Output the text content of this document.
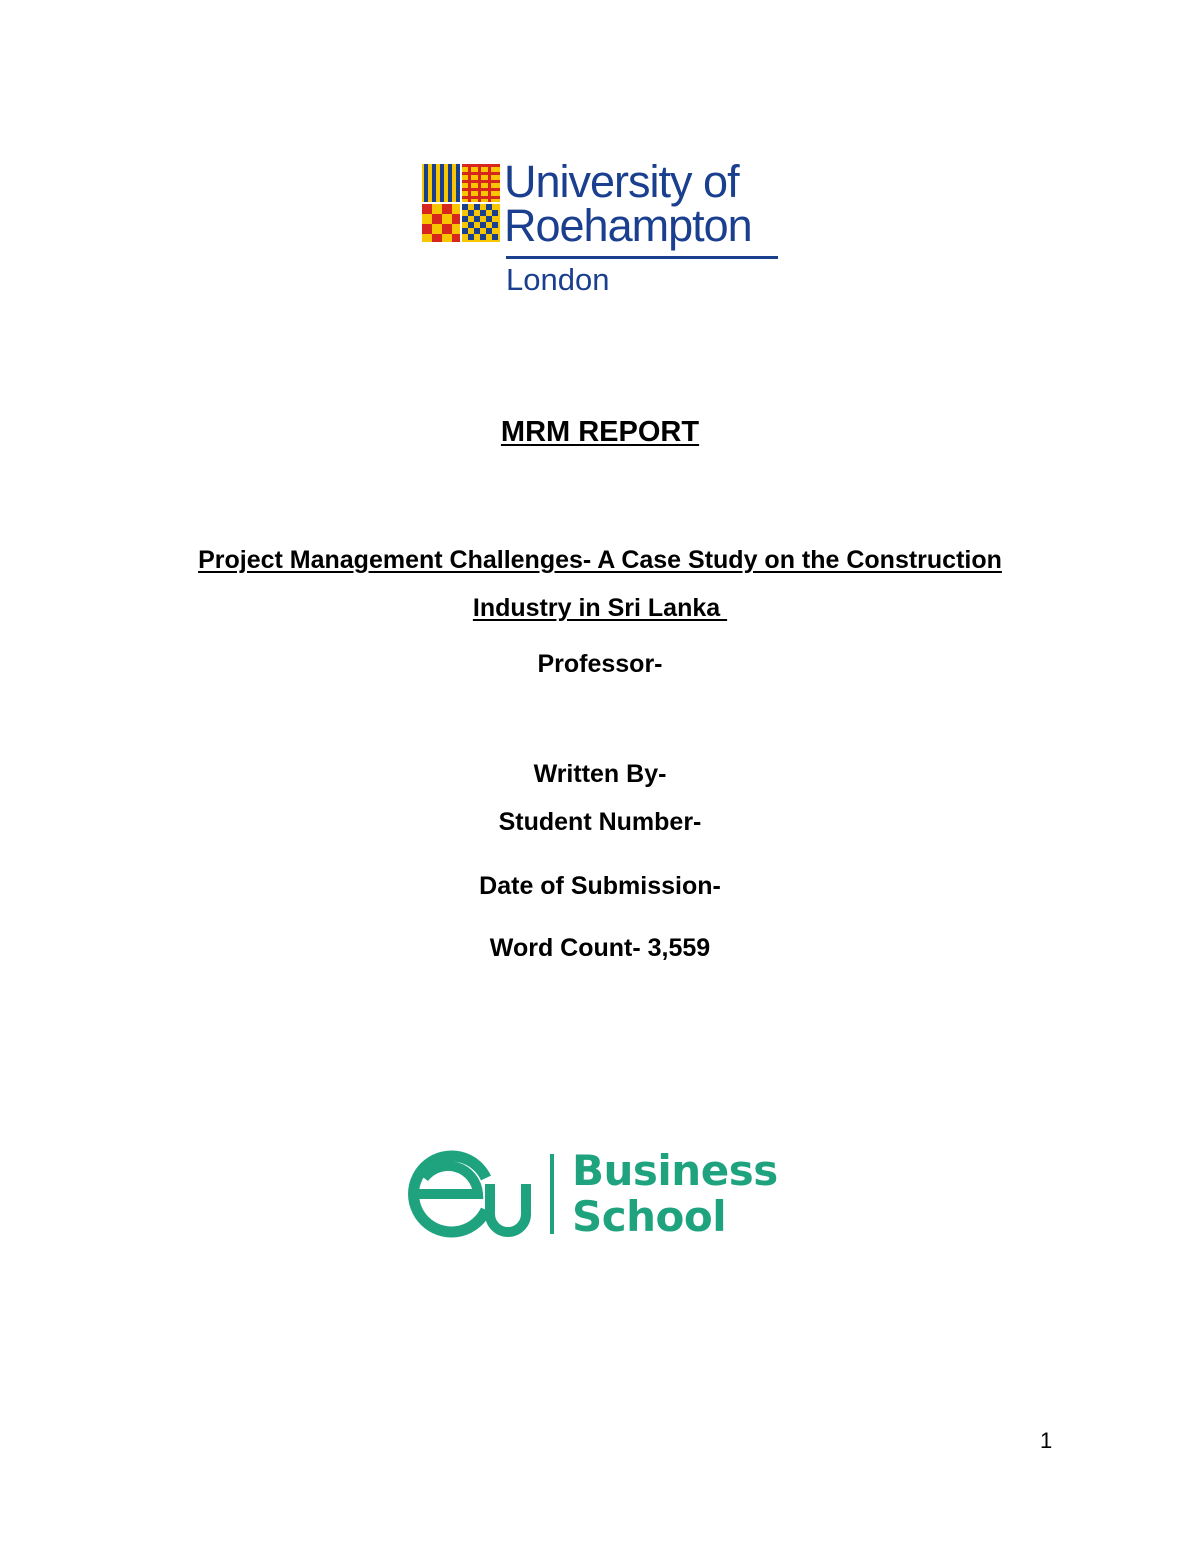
University of
Roehampton
London
MRM REPORT
Project Management Challenges- A Case Study on the Construction
Industry in Sri Lanka
Professor-
Written By-
Student Number-
Date of Submission-
Word Count- 3,559
Business
School
1
